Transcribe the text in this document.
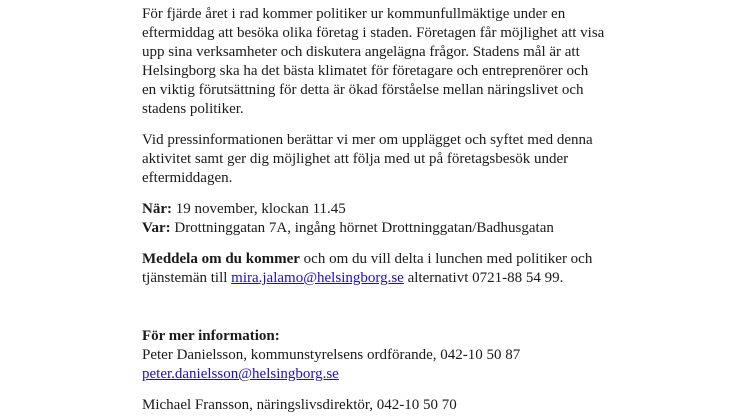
För fjärde året i rad kommer politiker ur kommunfullmäktige under en
eftermiddag att besöka olika företag i staden. Företagen får möjlighet att visa
upp sina verksamheter och diskutera angelägna frågor. Stadens mål är att
Helsingborg ska ha det bästa klimatet för företagare och entreprenörer och
en viktig förutsättning för detta är ökad förståelse mellan näringslivet och
stadens politiker.
Vid pressinformationen berättar vi mer om upplägget och syftet med denna
aktivitet samt ger dig möjlighet att följa med ut på företagsbesök under
eftermiddagen.
När: 19 november, klockan 11.45
Var: Drottninggatan 7A, ingång hörnet Drottninggatan/Badhusgatan
Meddela om du kommer och om du vill delta i lunchen med politiker och
tjänstemän till mira.jalamo@helsingborg.se alternativt 0721-88 54 99.
För mer information:
Peter Danielsson, kommunstyrelsens ordförande, 042-10 50 87
peter.danielsson@helsingborg.se
Michael Fransson, näringslivsdirektör, 042-10 50 70
